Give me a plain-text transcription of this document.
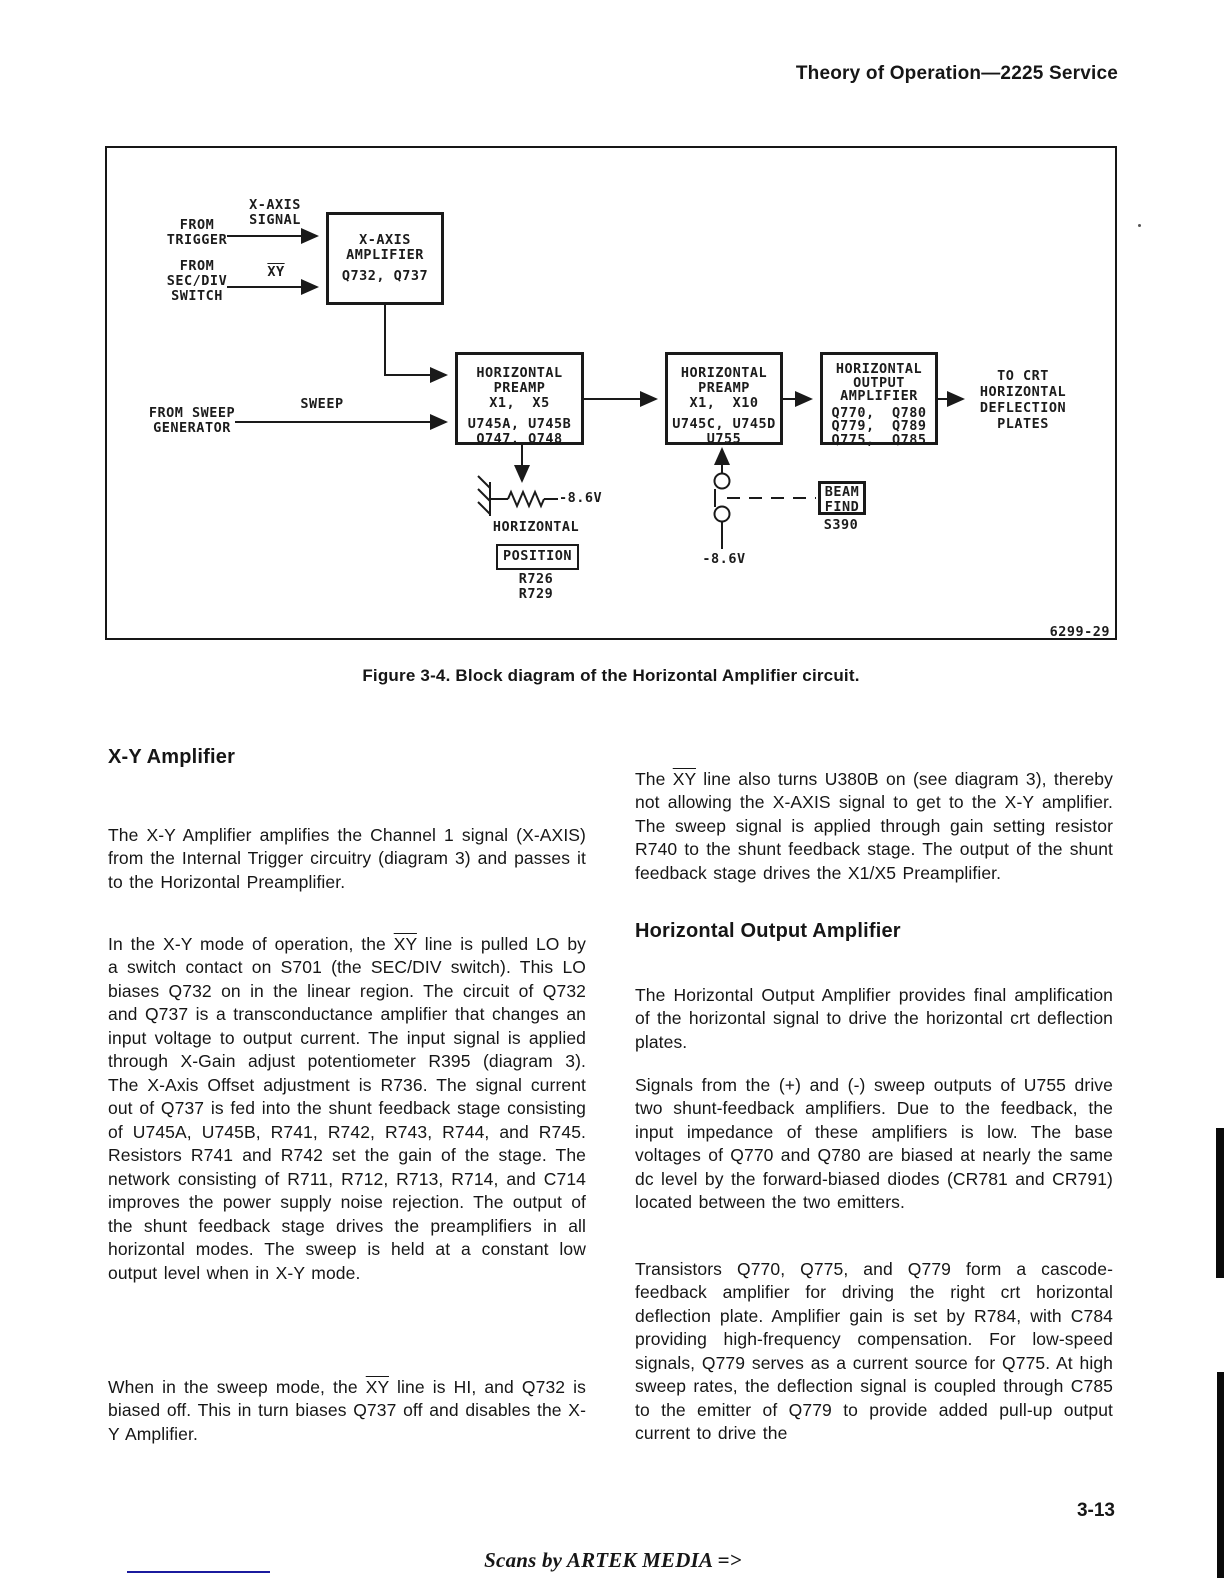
Theory of Operation—2225 Service
X-AXIS
SIGNAL
FROM
TRIGGER
FROM
SEC/DIV
SWITCH
$\overline{XY}$
SWEEP
FROM SWEEP
GENERATOR
X-AXIS
AMPLIFIER
Q732, Q737
HORIZONTAL
PREAMP
X1,  X5
U745A, U745B
Q747, Q748
HORIZONTAL
PREAMP
X1,  X10
U745C, U745D
U755
HORIZONTAL
OUTPUT
AMPLIFIER
Q770,  Q780
Q779,  Q789
Q775,  Q785
TO CRT
HORIZONTAL
DEFLECTION
PLATES
-8.6V
HORIZONTAL
POSITION
R726
R729
BEAM FIND
S390
-8.6V
6299-29
Figure 3-4. Block diagram of the Horizontal Amplifier circuit.
X-Y Amplifier

The X-Y Amplifier amplifies the Channel 1 signal (X-AXIS) from the Internal Trigger circuitry (diagram 3) and passes it to the Horizontal Preamplifier.

In the X-Y mode of operation, the $\overline{XY}$ line is pulled LO by a switch contact on S701 (the SEC/DIV switch). This LO biases Q732 on in the linear region. The circuit of Q732 and Q737 is a transconductance amplifier that changes an input voltage to output current. The input signal is applied through X-Gain adjust potentiometer R395 (diagram 3). The X-Axis Offset adjustment is R736. The signal current out of Q737 is fed into the shunt feedback stage consisting of U745A, U745B, R741, R742, R743, R744, and R745. Resistors R741 and R742 set the gain of the stage. The network consisting of R711, R712, R713, R714, and C714 improves the power supply noise rejection. The output of the shunt feedback stage drives the preamplifiers in all horizontal modes. The sweep is held at a constant low output level when in X-Y mode.

When in the sweep mode, the $\overline{XY}$ line is HI, and Q732 is biased off. This in turn biases Q737 off and disables the X-Y Amplifier.

The $\overline{XY}$ line also turns U380B on (see diagram 3), thereby not allowing the X-AXIS signal to get to the X-Y amplifier. The sweep signal is applied through gain setting resistor R740 to the shunt feedback stage. The output of the shunt feedback stage drives the X1/X5 Preamplifier.

Horizontal Output Amplifier

The Horizontal Output Amplifier provides final amplification of the horizontal signal to drive the horizontal crt deflection plates.

Signals from the (+) and (-) sweep outputs of U755 drive two shunt-feedback amplifiers. Due to the feedback, the input impedance of these amplifiers is low. The base voltages of Q770 and Q780 are biased at nearly the same dc level by the forward-biased diodes (CR781 and CR791) located between the two emitters.

Transistors Q770, Q775, and Q779 form a cascode-feedback amplifier for driving the right crt horizontal deflection plate. Amplifier gain is set by R784, with C784 providing high-frequency compensation. For low-speed signals, Q779 serves as a current source for Q775. At high sweep rates, the deflection signal is coupled through C785 to the emitter of Q779 to provide added pull-up output current to drive the

3-13
Scans by ARTEK MEDIA =>
